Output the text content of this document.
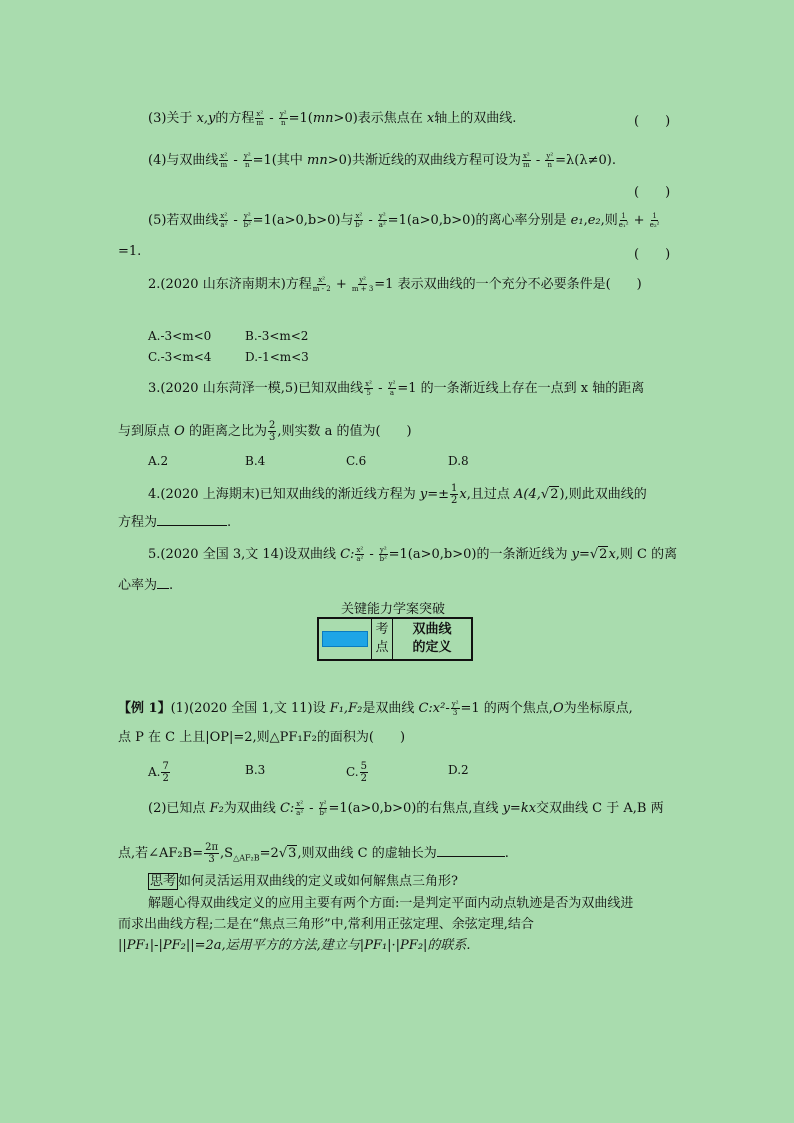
(3)关于 x,y的方程 $\frac{\text{x²}}{m} - \frac{\text{y²}}{n} =1(mn>0)$表示焦点在 x轴上的双曲线.	(　　)
(4)与双曲线 $\frac{\text{x²}}{m} - \frac{\text{y²}}{n} =1$(其中 mn>0)共渐近线的双曲线方程可设为 $\frac{\text{x²}}{m} - \frac{\text{y²}}{n} =\lambda(\lambda\ne 0)$.
(　　)
(5)若双曲线 $\frac{\text{x²}}{\text{a²}} - \frac{\text{y²}}{\text{b²}} =1(a>0,b>0)$与 $\frac{\text{x²}}{\text{b²}} - \frac{\text{y²}}{\text{a²}} =1(a>0,b>0)$的离心率分别是 e₁,e₂,则 $\frac{1}{\text{e₁²}} + \frac{1}{\text{e₂²}}$
=1.	(　　)
2.(2020 山东济南期末)方程 $\frac{\text{x²}}{m - 2} + \frac{\text{y²}}{m + 3} =1$ 表示双曲线的一个充分不必要条件是(　　)
A.-3<m<0	B.-3<m<2
C.-3<m<4	D.-1<m<3
3.(2020 山东菏泽一模,5)已知双曲线 $\frac{\text{x²}}{5} - \frac{\text{y²}}{a} =1$ 的一条渐近线上存在一点到 x 轴的距离
与到原点 O 的距离之比为 $\frac{2}{3}$ ,则实数 a 的值为(　　)
A.2	B.4	C.6	D.8
4.(2020 上海期末)已知双曲线的渐近线方程为 $y=\pm \frac{1}{2} x$,且过点 A(4,√2),则此双曲线的
方程为	.
5.(2020 全国 3,文 14)设双曲线 C: $\frac{\text{x²}}{\text{a²}} - \frac{\text{y²}}{\text{b²}} =1(a>0,b>0)$的一条渐近线为 y=√2x,则 C 的离
心率为 .
关键能力学案突破

考
点

双曲线
的定义
【例 1】(1)(2020 全国 1,文 11)设 F₁,F₂是双曲线 C:x²- $\frac{\text{y²}}{3} =1$ 的两个焦点,O为坐标原点,
点 P 在 C 上且|OP|=2,则△PF₁F₂的面积为(　　)
A. $\frac{7}{2}$	B.3	C. $\frac{5}{2}$	D.2
(2)已知点 F₂为双曲线 C: $\frac{\text{x²}}{\text{a²}} - \frac{\text{y²}}{\text{b²}} =1(a>0,b>0)$的右焦点,直线 y=kx交双曲线 C 于 A,B 两
点,若∠AF₂B= $\frac{2\pi}{3} ,S_{\triangle AF_2B}=2√3$,则双曲线 C 的虚轴长为	.
思考 如何灵活运用双曲线的定义或如何解焦点三角形?
解题心得双曲线定义的应用主要有两个方面:一是判定平面内动点轨迹是否为双曲线进
而求出曲线方程;二是在“焦点三角形”中,常利用正弦定理、余弦定理,结合
||PF₁|-|PF₂||=2a,运用平方的方法,建立与|PF₁|·|PF₂|的联系.
